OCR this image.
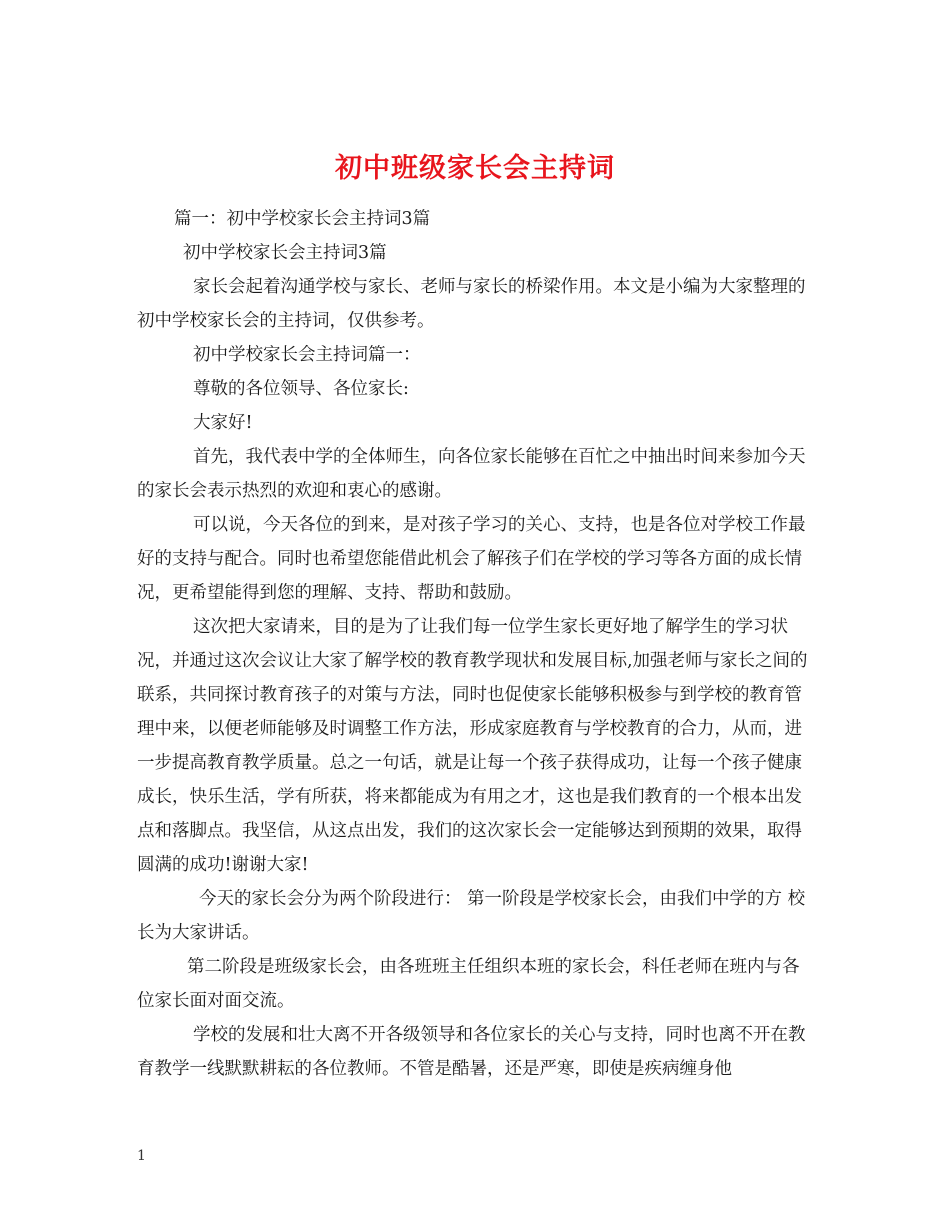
初中班级家长会主持词

篇一：初中学校家长会主持词3篇

初中学校家长会主持词3篇

家长会起着沟通学校与家长、老师与家长的桥梁作用。本文是小编为大家整理的初中学校家长会的主持词，仅供参考。

初中学校家长会主持词篇一：

尊敬的各位领导、各位家长:

大家好!

首先，我代表中学的全体师生，向各位家长能够在百忙之中抽出时间来参加今天的家长会表示热烈的欢迎和衷心的感谢。

可以说，今天各位的到来，是对孩子学习的关心、支持，也是各位对学校工作最好的支持与配合。同时也希望您能借此机会了解孩子们在学校的学习等各方面的成长情况，更希望能得到您的理解、支持、帮助和鼓励。

这次把大家请来，目的是为了让我们每一位学生家长更好地了解学生的学习状况，并通过这次会议让大家了解学校的教育教学现状和发展目标,加强老师与家长之间的联系，共同探讨教育孩子的对策与方法，同时也促使家长能够积极参与到学校的教育管理中来，以便老师能够及时调整工作方法，形成家庭教育与学校教育的合力，从而，进一步提高教育教学质量。总之一句话，就是让每一个孩子获得成功，让每一个孩子健康成长，快乐生活，学有所获，将来都能成为有用之才，这也是我们教育的一个根本出发点和落脚点。我坚信，从这点出发，我们的这次家长会一定能够达到预期的效果，取得圆满的成功!谢谢大家!

今天的家长会分为两个阶段进行： 第一阶段是学校家长会，由我们中学的方 校长为大家讲话。

第二阶段是班级家长会，由各班班主任组织本班的家长会，科任老师在班内与各位家长面对面交流。

学校的发展和壮大离不开各级领导和各位家长的关心与支持，同时也离不开在教育教学一线默默耕耘的各位教师。不管是酷暑，还是严寒，即使是疾病缠身他

1
